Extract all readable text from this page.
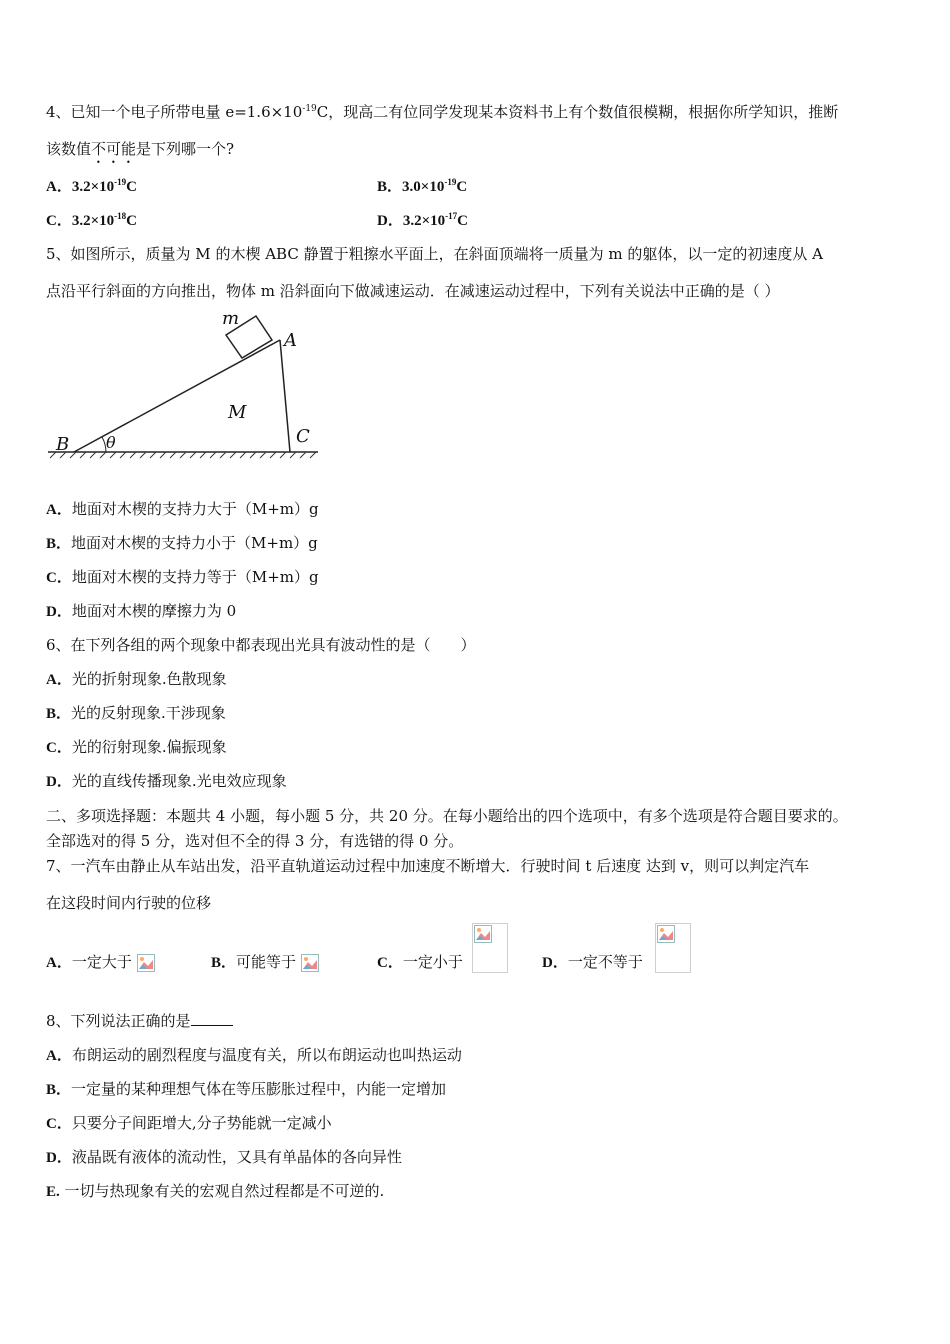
4、已知一个电子所带电量 $e=1.6\times 10^{-19}C$，现高二有位同学发现某本资料书上有个数值很模糊，根据你所学知识，推断
该数值不可能是下列哪一个?
A．$3.2\times 10^{-19}C$	B．$3.0\times 10^{-19}C$
C．$3.2\times 10^{-18}C$	D．$3.2\times 10^{-17}C$
5、如图所示，质量为 M 的木楔 ABC 静置于粗擦水平面上，在斜面顶端将一质量为 m 的躯体，以一定的初速度从 A
点沿平行斜面的方向推出，物体 m 沿斜面向下做减速运动．在减速运动过程中，下列有关说法中正确的是（ ）
m
A
M
B θ	C
A．地面对木楔的支持力大于（M+m）g
B．地面对木楔的支持力小于（M+m）g
C．地面对木楔的支持力等于（M+m）g
D．地面对木楔的摩擦力为 0
6、在下列各组的两个现象中都表现出光具有波动性的是（　　）
A．光的折射现象.色散现象
B．光的反射现象.干涉现象
C．光的衍射现象.偏振现象
D．光的直线传播现象.光电效应现象
二、多项选择题：本题共 4 小题，每小题 5 分，共 20 分。在每小题给出的四个选项中，有多个选项是符合题目要求的。
全部选对的得 5 分，选对但不全的得 3 分，有选错的得 0 分。
7、一汽车由静止从车站出发，沿平直轨道运动过程中加速度不断增大．行驶时间 t 后速度 达到 v，则可以判定汽车
在这段时间内行驶的位移
A．一定大于	B．可能等于	C．一定小于	D．一定不等于
8、下列说法正确的是
A．布朗运动的剧烈程度与温度有关，所以布朗运动也叫热运动
B．一定量的某种理想气体在等压膨胀过程中，内能一定增加
C．只要分子间距增大,分子势能就一定减小
D．液晶既有液体的流动性，又具有单晶体的各向异性
E. 一切与热现象有关的宏观自然过程都是不可逆的.
